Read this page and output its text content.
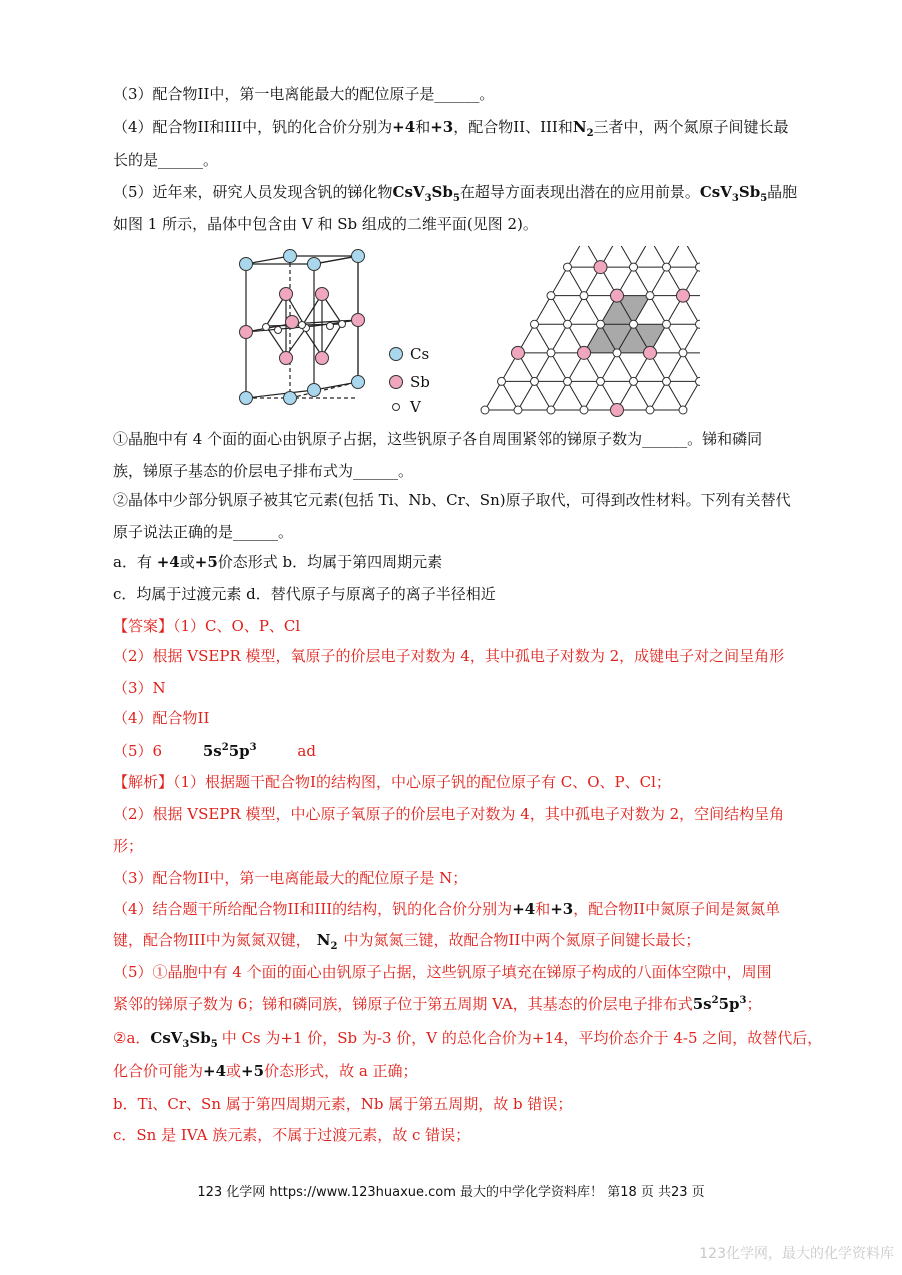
（3）配合物II中，第一电离能最大的配位原子是______。
（4）配合物II和III中，钒的化合价分别为+4和+3，配合物II、III和$N_2$三者中，两个氮原子间键长最
长的是______。
（5）近年来，研究人员发现含钒的锑化物$CsV_3Sb_5$在超导方面表现出潜在的应用前景。$CsV_3Sb_5$晶胞
如图 1 所示，晶体中包含由 V 和 Sb 组成的二维平面(见图 2)。
Cs
Sb
V
①晶胞中有 4 个面的面心由钒原子占据，这些钒原子各自周围紧邻的锑原子数为______。锑和磷同
族，锑原子基态的价层电子排布式为______。
②晶体中少部分钒原子被其它元素(包括 Ti、Nb、Cr、Sn)原子取代，可得到改性材料。下列有关替代
原子说法正确的是______。
a．有 +4或+5价态形式 b．均属于第四周期元素
c．均属于过渡元素 d．替代原子与原离子的离子半径相近
【答案】（1）C、O、P、Cl
（2）根据 VSEPR 模型，氧原子的价层电子对数为 4，其中孤电子对数为 2，成键电子对之间呈角形
（3）N
（4）配合物II
（5）6	$5s^25p^3$	ad
【解析】（1）根据题干配合物I的结构图，中心原子钒的配位原子有 C、O、P、Cl；
（2）根据 VSEPR 模型，中心原子氧原子的价层电子对数为 4，其中孤电子对数为 2，空间结构呈角
形；
（3）配合物II中，第一电离能最大的配位原子是 N；
（4）结合题干所给配合物II和III的结构，钒的化合价分别为+4和+3，配合物II中氮原子间是氮氮单
键，配合物III中为氮氮双键， $N_2$ 中为氮氮三键，故配合物II中两个氮原子间键长最长；
（5）①晶胞中有 4 个面的面心由钒原子占据，这些钒原子填充在锑原子构成的八面体空隙中，周围
紧邻的锑原子数为 6；锑和磷同族，锑原子位于第五周期 VA，其基态的价层电子排布式$5s^25p^3$；
②a．$CsV_3Sb_5$ 中 Cs 为+1 价，Sb 为-3 价，V 的总化合价为+14，平均价态介于 4-5 之间，故替代后，
化合价可能为+4或+5价态形式，故 a 正确；
b．Ti、Cr、Sn 属于第四周期元素，Nb 属于第五周期，故 b 错误；
c．Sn 是 IVA 族元素，不属于过渡元素，故 c 错误；
123 化学网 https://www.123huaxue.com 最大的中学化学资料库！ 第18 页 共23 页
123化学网，最大的化学资料库
